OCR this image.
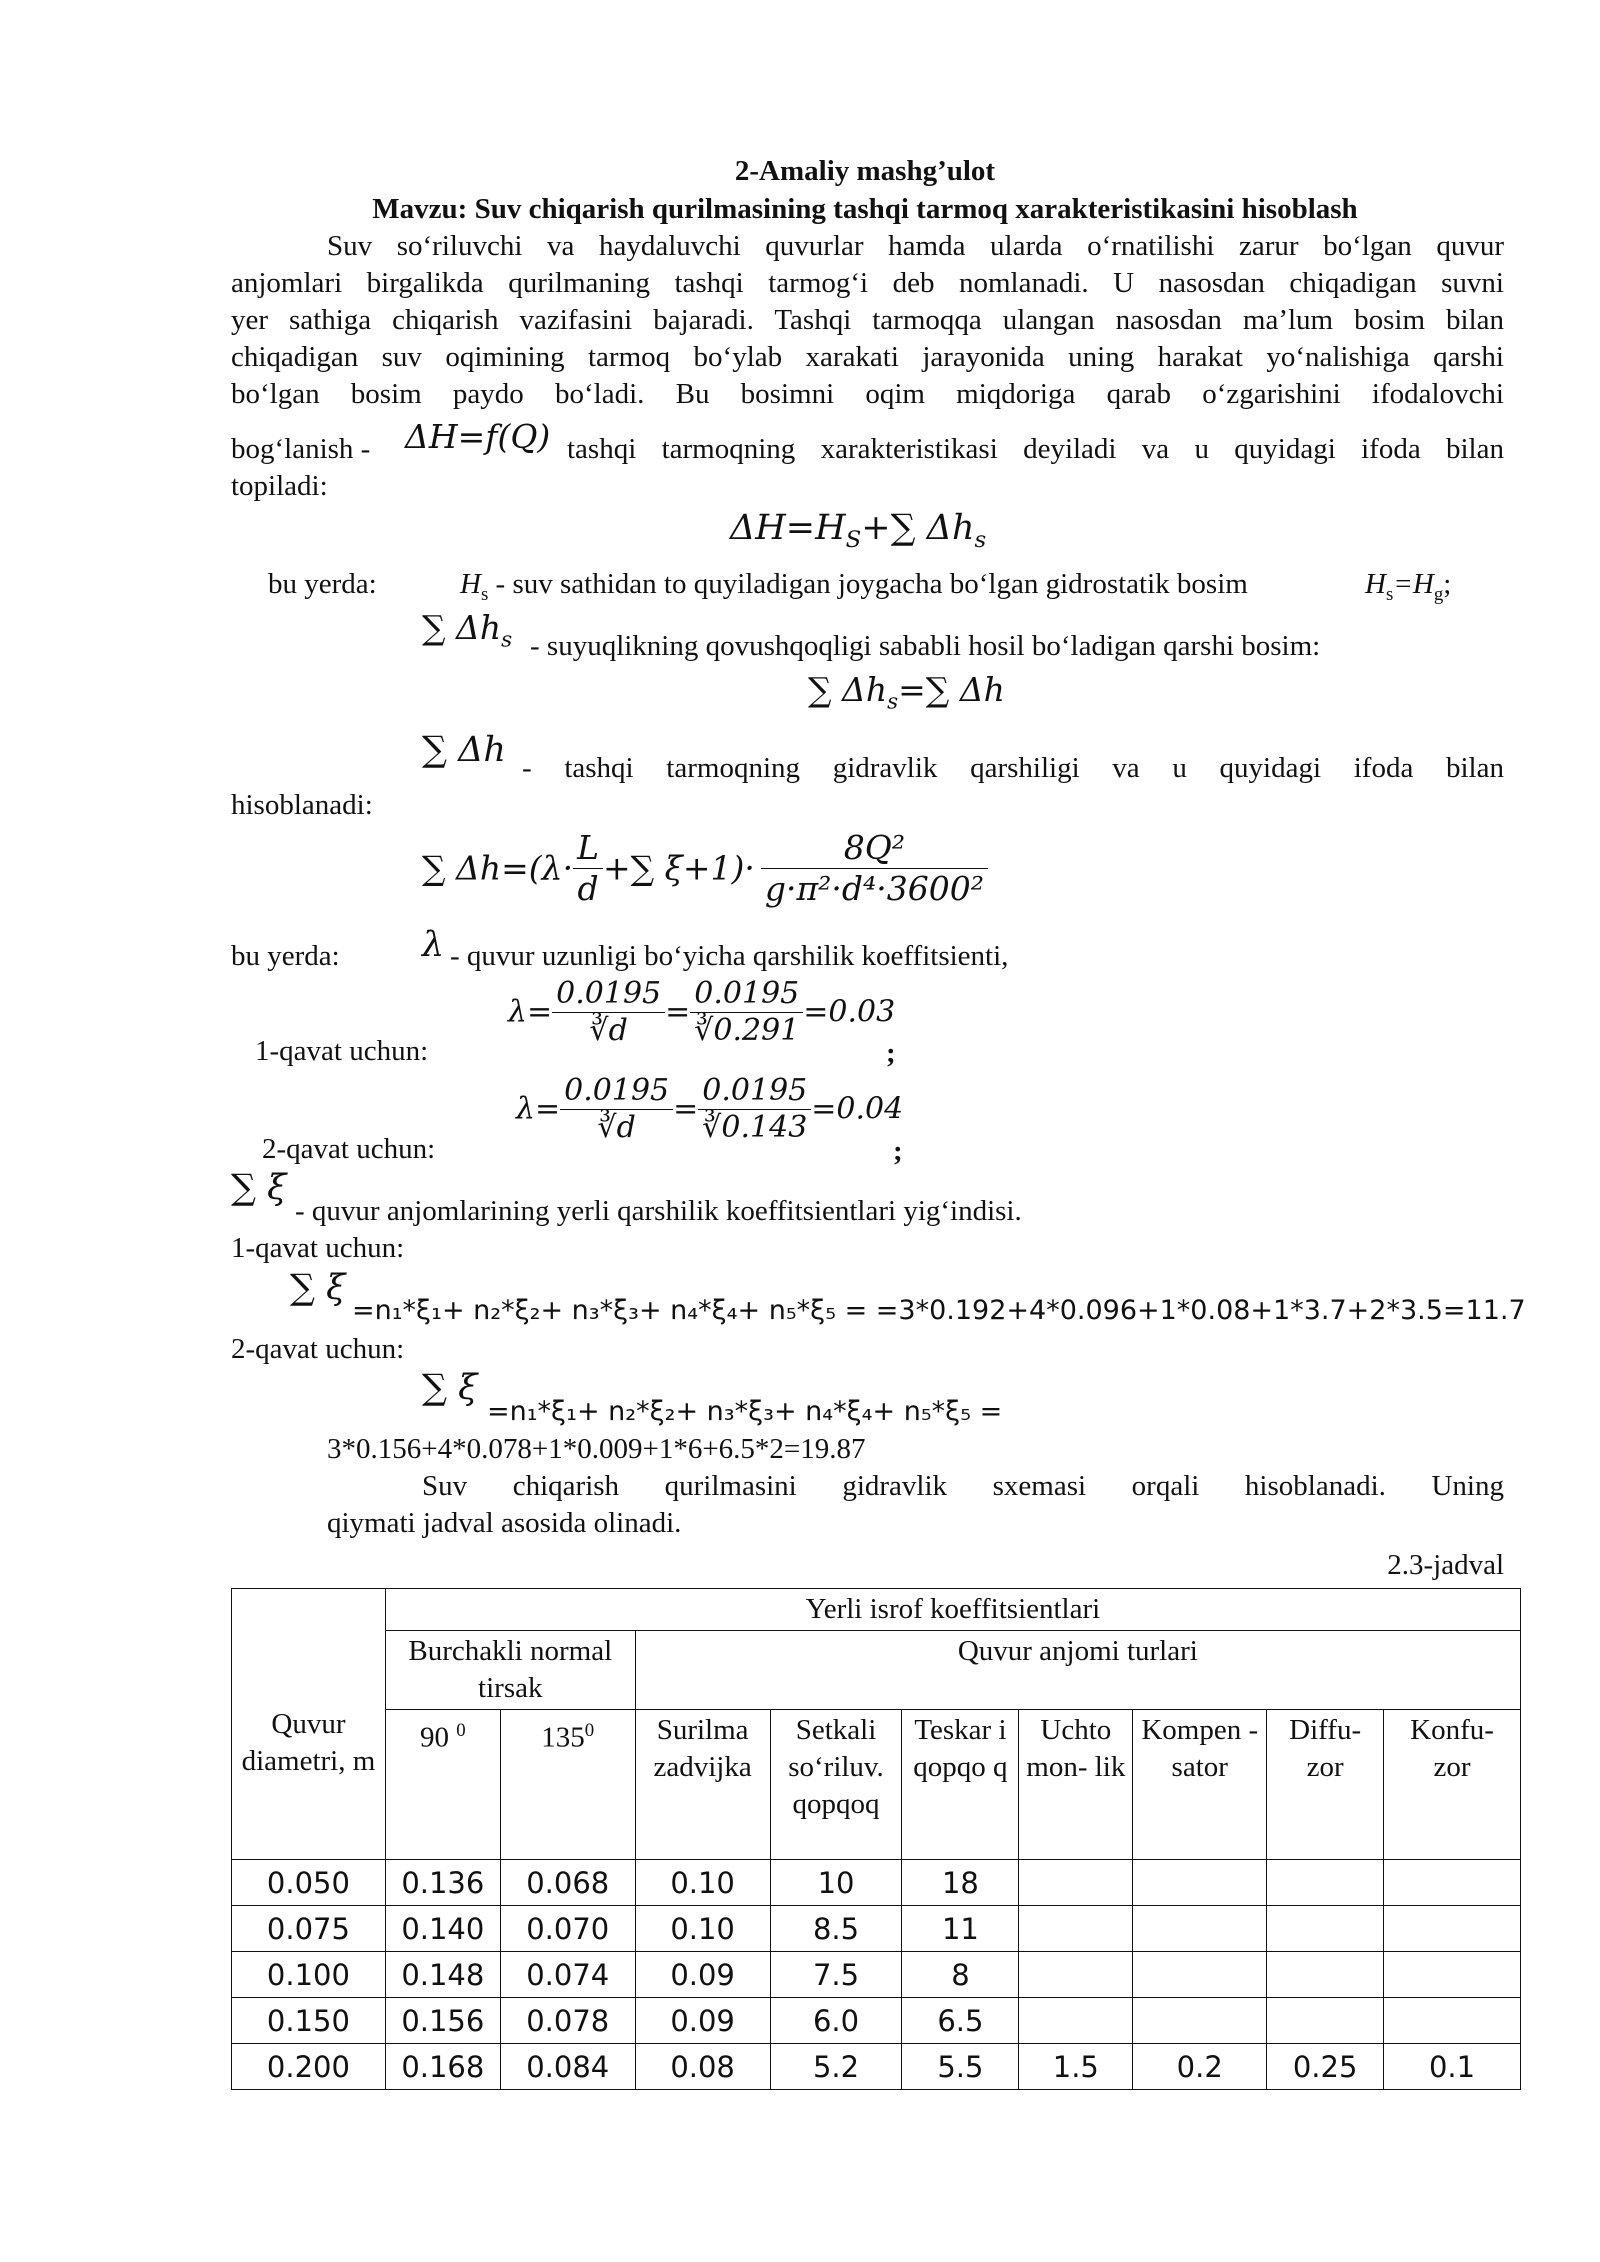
2-Amaliy mashg’ulot
Mavzu: Suv chiqarish qurilmasining tashqi tarmoq xarakteristikasini hisoblash
Suv so‘riluvchi va haydaluvchi quvurlar hamda ularda o‘rnatilishi zarur bo‘lgan quvur
anjomlari birgalikda qurilmaning tashqi tarmog‘i deb nomlanadi. U nasosdan chiqadigan suvni
yer sathiga chiqarish vazifasini bajaradi. Tashqi tarmoqqa ulangan nasosdan ma’lum bosim bilan
chiqadigan suv oqimining tarmoq bo‘ylab xarakati jarayonida uning harakat yo‘nalishiga qarshi
bo‘lgan bosim paydo bo‘ladi. Bu bosimni oqim miqdoriga qarab o‘zgarishini ifodalovchi
bog‘lanish - ΔH=f(Q) tashqi tarmoqning xarakteristikasi deyiladi va u quyidagi ifoda bilan
topiladi:
$\Delta H=H_S+\sum$ $\Delta h_s$
bu yerda:	$H_s$ - suv sathidan to quyiladigan joygacha bo‘lgan gidrostatik bosim	$H_s=H_g$;
∑ $\Delta h_s$ - suyuqlikning qovushqoqligi sababli hosil bo‘ladigan qarshi bosim:
∑ $\Delta h_s=\sum$ Δh
∑ Δh - tashqi tarmoqning gidravlik qarshiligi va u quyidagi ifoda bilan
hisoblanadi:
∑ $\Delta h=(\lambda\cdot \frac{L}{d}$ +∑ $\xi+1)\cdot \frac{\text{8Q²}}{\text{g·π²·d⁴·3600²}}$
bu yerda: λ - quvur uzunligi bo‘yicha qarshilik koeffitsienti,
1-qavat uchun:
$\lambda= \frac{0.0195}{∛d} = \frac{0.0195}{∛0.291} =0.03$
;
2-qavat uchun:
$\lambda= \frac{0.0195}{∛d} = \frac{0.0195}{∛0.143} =0.04$
;
∑ ξ
- quvur anjomlarining yerli qarshilik koeffitsientlari yig‘indisi.
1-qavat uchun:
∑ ξ
=n₁*ξ₁+ n₂*ξ₂+ n₃*ξ₃+ n₄*ξ₄+ n₅*ξ₅ = =3*0.192+4*0.096+1*0.08+1*3.7+2*3.5=11.7
2-qavat uchun:
∑ ξ
=n₁*ξ₁+ n₂*ξ₂+ n₃*ξ₃+ n₄*ξ₄+ n₅*ξ₅ =
3*0.156+4*0.078+1*0.009+1*6+6.5*2=19.87
Suv chiqarish qurilmasini gidravlik sxemasi orqali hisoblanadi. Uning
qiymati jadval asosida olinadi.
2.3-jadval
Quvur diametri, m	Yerli isrof koeffitsientlari								
	Burchakli normal tirsak		Quvur anjomi turlari						
	90 $^0$	$135^0$	Surilma zadvijka	Setkali so‘riluv. qopqoq	Teskar i qopqo q	Uchto mon- lik	Kompen -sator	Diffu- zor	Konfu- zor
0.050	0.136	0.068	0.10	10	18				
0.075	0.140	0.070	0.10	8.5	11				
0.100	0.148	0.074	0.09	7.5	8				
0.150	0.156	0.078	0.09	6.0	6.5				
0.200	0.168	0.084	0.08	5.2	5.5	1.5	0.2	0.25	0.1
